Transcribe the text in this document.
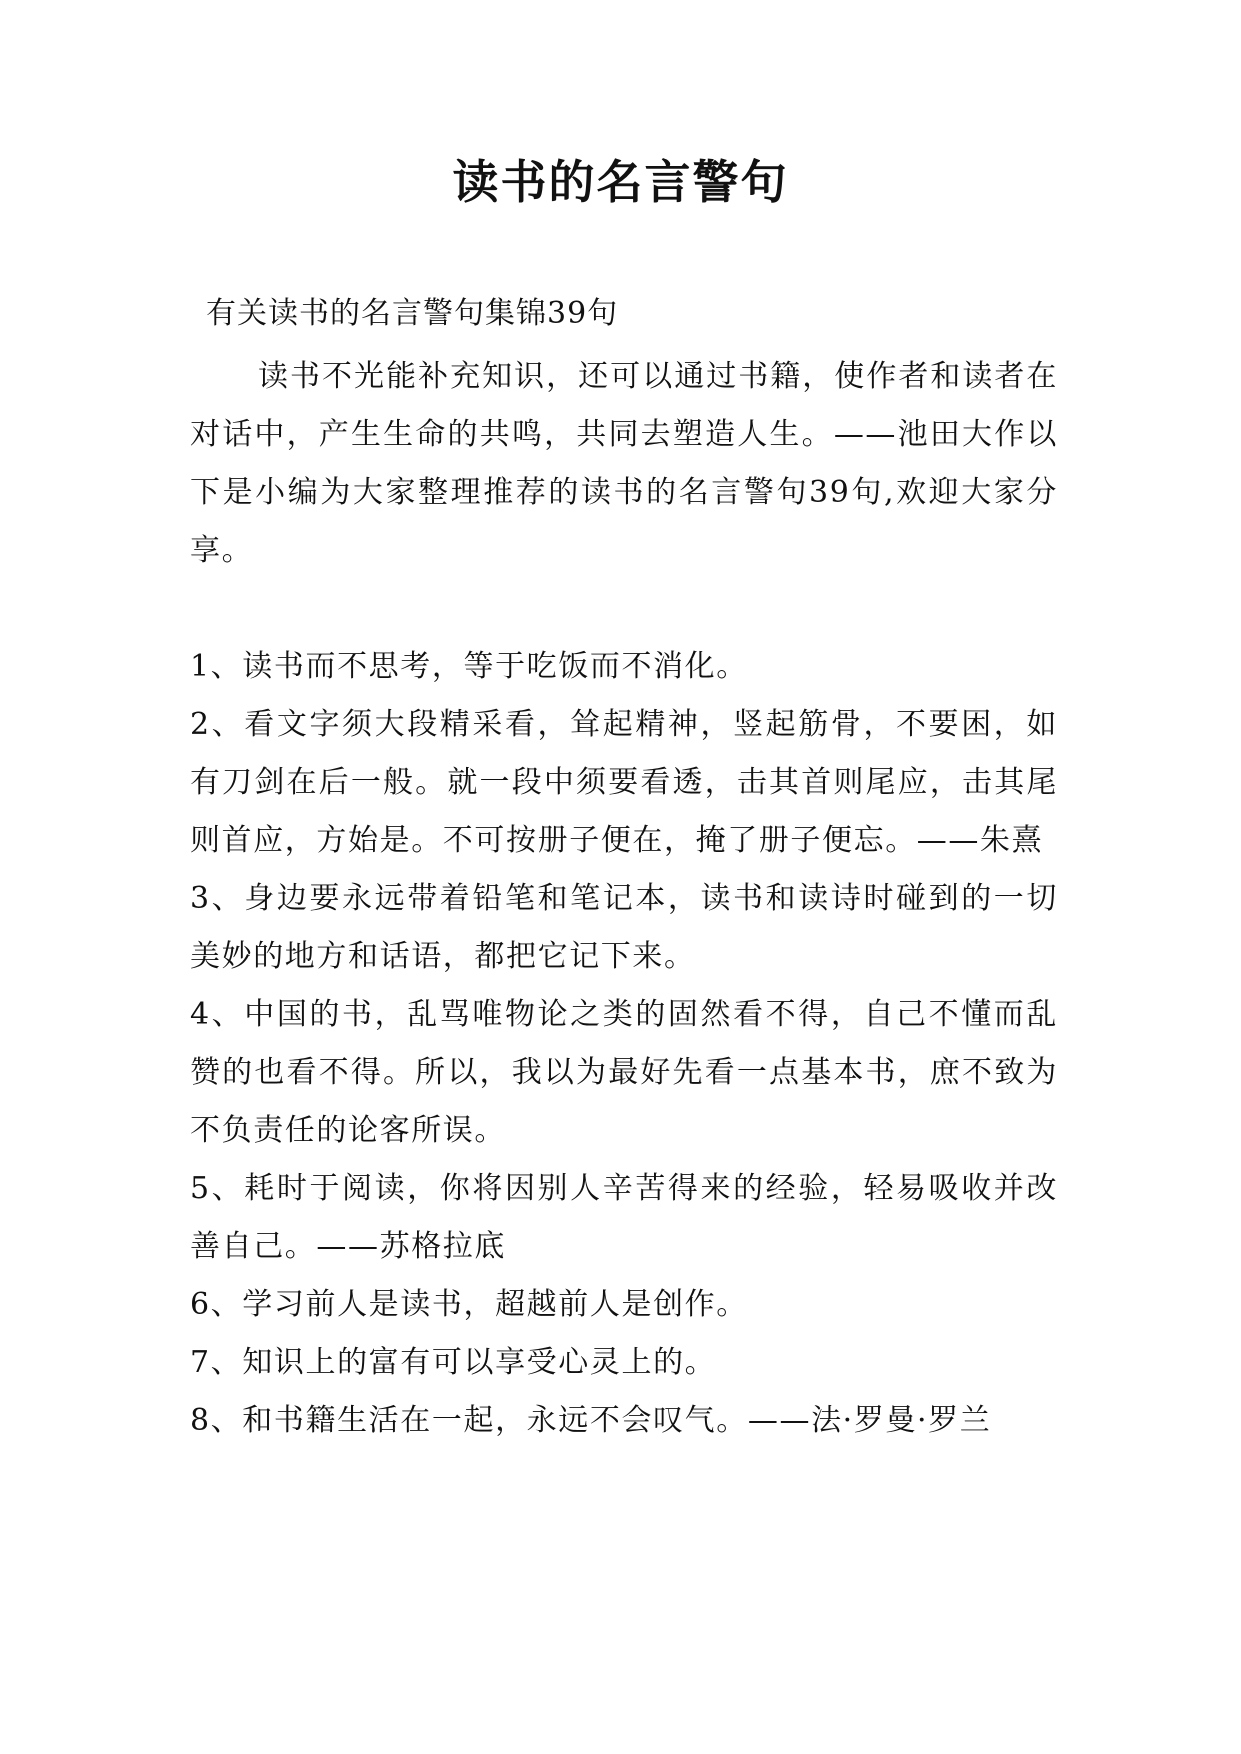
读书的名言警句
有关读书的名言警句集锦39句

读书不光能补充知识，还可以通过书籍，使作者和读者在对话中，产生生命的共鸣，共同去塑造人生。——池田大作以下是小编为大家整理推荐的读书的名言警句39句,欢迎大家分享。

1、读书而不思考，等于吃饭而不消化。

2、看文字须大段精采看，耸起精神，竖起筋骨，不要困，如有刀剑在后一般。就一段中须要看透，击其首则尾应，击其尾则首应，方始是。不可按册子便在，掩了册子便忘。——朱熹

3、身边要永远带着铅笔和笔记本，读书和读诗时碰到的一切美妙的地方和话语，都把它记下来。

4、中国的书，乱骂唯物论之类的固然看不得，自己不懂而乱赞的也看不得。所以，我以为最好先看一点基本书，庶不致为不负责任的论客所误。

5、耗时于阅读，你将因别人辛苦得来的经验，轻易吸收并改善自己。——苏格拉底

6、学习前人是读书，超越前人是创作。

7、知识上的富有可以享受心灵上的。

8、和书籍生活在一起，永远不会叹气。——法·罗曼·罗兰
